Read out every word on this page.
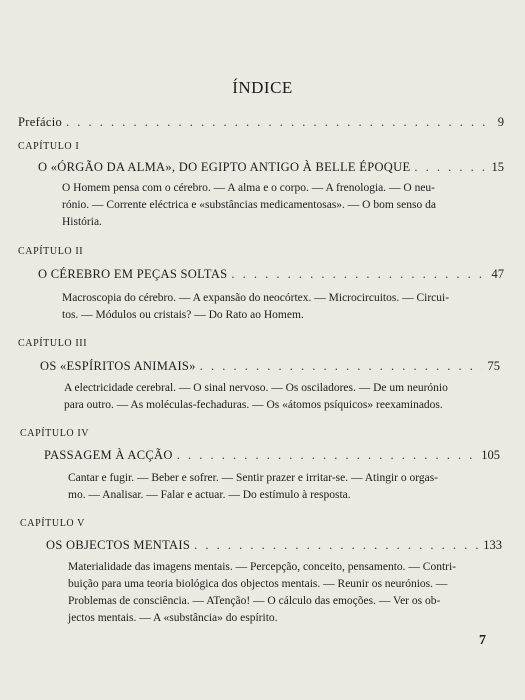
ÍNDICE
Prefácio . . .	9
CAPÍTULO I
O «ÓRGÃO DA ALMA», DO EGIPTO ANTIGO À BELLE ÉPOQUE . . .	15
O Homem pensa com o cérebro. — A alma e o corpo. — A frenologia. — O neu-
rónio. — Corrente eléctrica e «substâncias medicamentosas». — O bom senso da
História.
CAPÍTULO II
O CÉREBRO EM PEÇAS SOLTAS . . .	47
Macroscopia do cérebro. — A expansão do neocórtex. — Microcircuitos. — Circui-
tos. — Módulos ou cristais? — Do Rato ao Homem.
CAPÍTULO III
OS «ESPÍRITOS ANIMAIS» . . .	75
A electricidade cerebral. — O sinal nervoso. — Os osciladores. — De um neurónio
para outro. — As moléculas-fechaduras. — Os «átomos psíquicos» reexaminados.
CAPÍTULO IV
PASSAGEM À ACÇÃO . . .	105
Cantar e fugir. — Beber e sofrer. — Sentir prazer e irritar-se. — Atingir o orgas-
mo. — Analisar. — Falar e actuar. — Do estímulo à resposta.
CAPÍTULO V
OS OBJECTOS MENTAIS . . .	133
Materialidade das imagens mentais. — Percepção, conceito, pensamento. — Contri-
buição para uma teoria biológica dos objectos mentais. — Reunir os neurónios. —
Problemas de consciência. — ATenção! — O cálculo das emoções. — Ver os ob-
jectos mentais. — A «substância» do espírito.
7
